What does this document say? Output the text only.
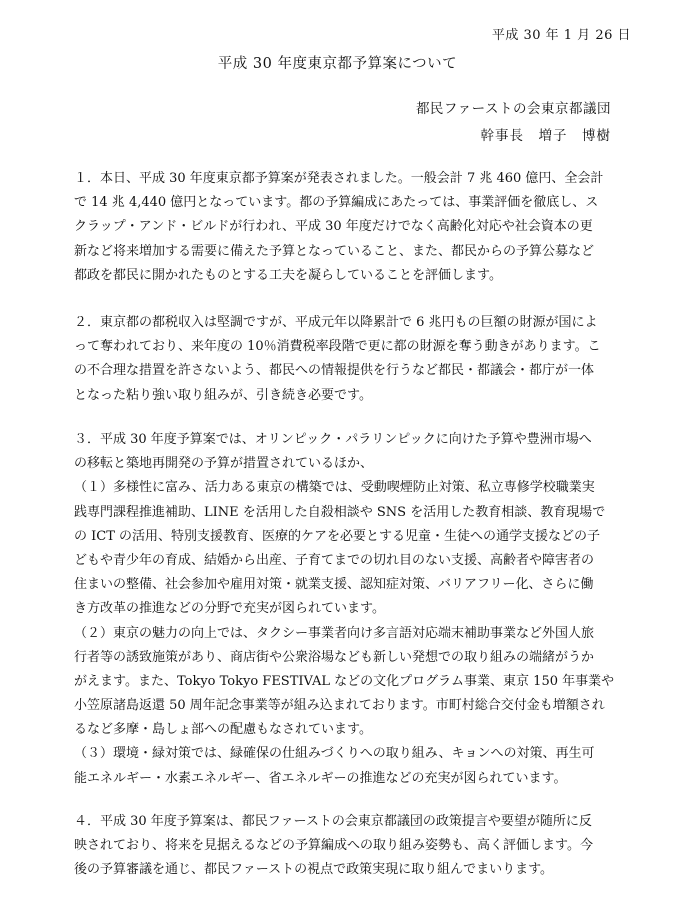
平成 30 年 1 月 26 日
平成 30 年度東京都予算案について
都民ファーストの会東京都議団
幹事長　増子　博樹
１．本日、平成 30 年度東京都予算案が発表されました。一般会計 7 兆 460 億円、全会計
で 14 兆 4,440 億円となっています。都の予算編成にあたっては、事業評価を徹底し、ス
クラップ・アンド・ビルドが行われ、平成 30 年度だけでなく高齢化対応や社会資本の更
新など将来増加する需要に備えた予算となっていること、また、都民からの予算公募など
都政を都民に開かれたものとする工夫を凝らしていることを評価します。
２．東京都の都税収入は堅調ですが、平成元年以降累計で 6 兆円もの巨額の財源が国によ
って奪われており、来年度の 10％消費税率段階で更に都の財源を奪う動きがあります。こ
の不合理な措置を許さないよう、都民への情報提供を行うなど都民・都議会・都庁が一体
となった粘り強い取り組みが、引き続き必要です。
３．平成 30 年度予算案では、オリンピック・パラリンピックに向けた予算や豊洲市場へ
の移転と築地再開発の予算が措置されているほか、
（１）多様性に富み、活力ある東京の構築では、受動喫煙防止対策、私立専修学校職業実
践専門課程推進補助、LINE を活用した自殺相談や SNS を活用した教育相談、教育現場で
の ICT の活用、特別支援教育、医療的ケアを必要とする児童・生徒への通学支援などの子
どもや青少年の育成、結婚から出産、子育てまでの切れ目のない支援、高齢者や障害者の
住まいの整備、社会参加や雇用対策・就業支援、認知症対策、バリアフリー化、さらに働
き方改革の推進などの分野で充実が図られています。
（２）東京の魅力の向上では、タクシー事業者向け多言語対応端末補助事業など外国人旅
行者等の誘致施策があり、商店街や公衆浴場なども新しい発想での取り組みの端緒がうか
がえます。また、Tokyo Tokyo FESTIVAL などの文化プログラム事業、東京 150 年事業や
小笠原諸島返還 50 周年記念事業等が組み込まれております。市町村総合交付金も増額され
るなど多摩・島しょ部への配慮もなされています。
（３）環境・緑対策では、緑確保の仕組みづくりへの取り組み、キョンへの対策、再生可
能エネルギー・水素エネルギー、省エネルギーの推進などの充実が図られています。
４．平成 30 年度予算案は、都民ファーストの会東京都議団の政策提言や要望が随所に反
映されており、将来を見据えるなどの予算編成への取り組み姿勢も、高く評価します。今
後の予算審議を通じ、都民ファーストの視点で政策実現に取り組んでまいります。
